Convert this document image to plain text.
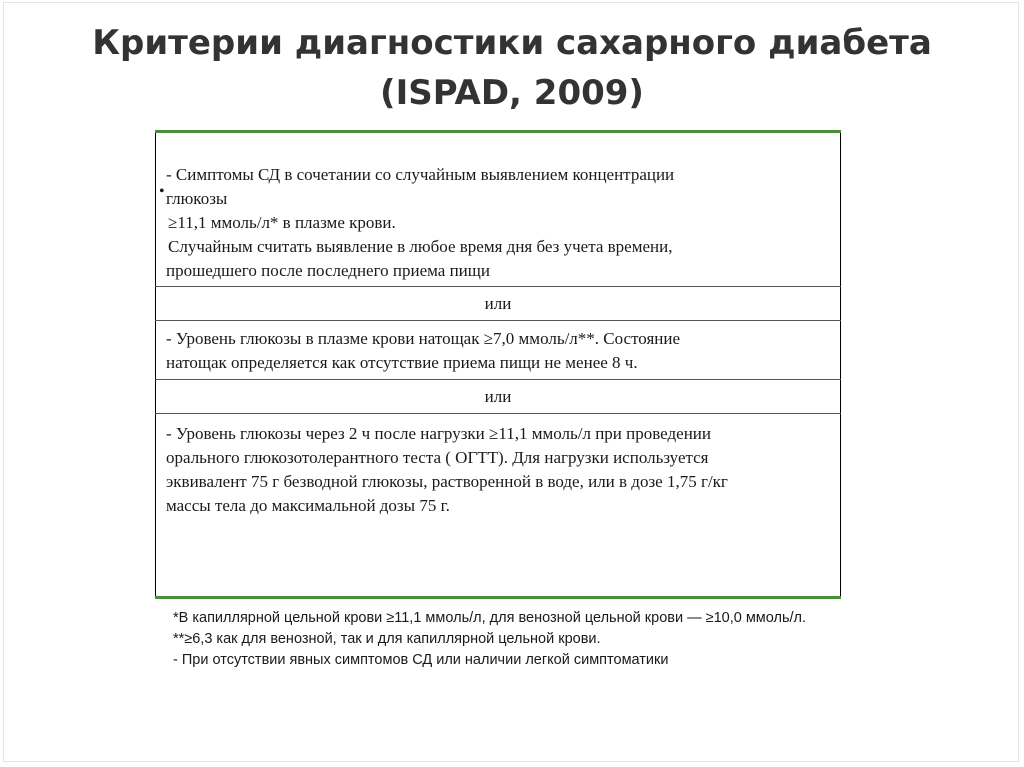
Критерии диагностики сахарного диабета
(ISPAD, 2009)
•
- Симптомы СД в сочетании со случайным выявлением концентрации
глюкозы
≥11,1 ммоль/л* в плазме крови.
Случайным считать выявление в любое время дня без учета времени,
прошедшего после последнего приема пищи

или

- Уровень глюкозы в плазме крови натощак ≥7,0 ммоль/л**. Состояние
натощак определяется как отсутствие приема пищи не менее 8 ч.

или

- Уровень глюкозы через 2 ч после нагрузки ≥11,1 ммоль/л при проведении
орального глюкозотолерантного теста ( ОГТТ). Для нагрузки используется
эквивалент 75 г безводной глюкозы, растворенной в воде, или в дозе 1,75 г/кг
массы тела до максимальной дозы 75 г.
*В капиллярной цельной крови ≥11,1 ммоль/л, для венозной цельной крови — ≥10,0 ммоль/л.
**≥6,3 как для венозной, так и для капиллярной цельной крови.
- При отсутствии явных симптомов СД или наличии легкой симптоматики
